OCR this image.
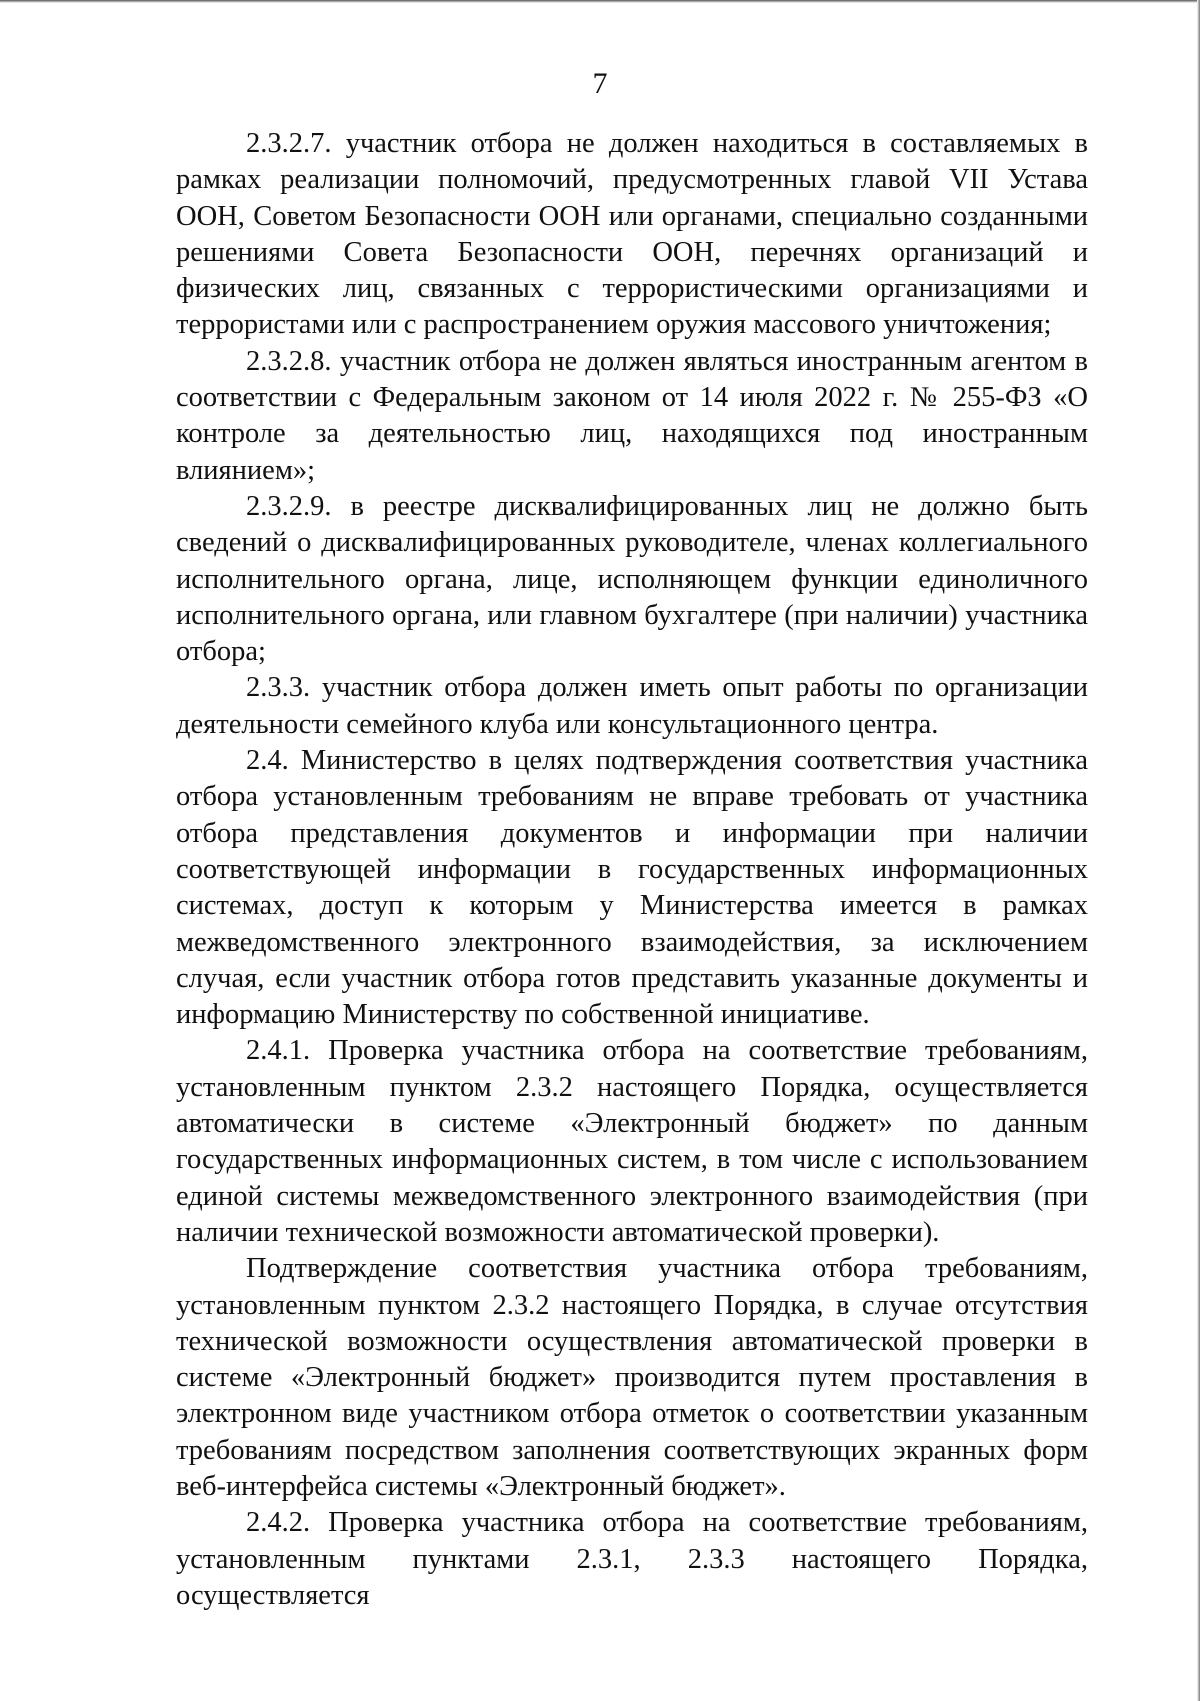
7

2.3.2.7. участник отбора не должен находиться в составляемых в рамках реализации полномочий, предусмотренных главой VII Устава ООН, Советом Безопасности ООН или органами, специально созданными решениями Совета Безопасности ООН, перечнях организаций и физических лиц, связанных с террористическими организациями и террористами или с распространением оружия массового уничтожения;

2.3.2.8. участник отбора не должен являться иностранным агентом в соответствии с Федеральным законом от 14 июля 2022 г. № 255-ФЗ «О контроле за деятельностью лиц, находящихся под иностранным влиянием»;

2.3.2.9. в реестре дисквалифицированных лиц не должно быть сведений о дисквалифицированных руководителе, членах коллегиального исполнительного органа, лице, исполняющем функции единоличного исполнительного органа, или главном бухгалтере (при наличии) участника отбора;

2.3.3. участник отбора должен иметь опыт работы по организации деятельности семейного клуба или консультационного центра.

2.4. Министерство в целях подтверждения соответствия участника отбора установленным требованиям не вправе требовать от участника отбора представления документов и информации при наличии соответствующей информации в государственных информационных системах, доступ к которым у Министерства имеется в рамках межведомственного электронного взаимодействия, за исключением случая, если участник отбора готов представить указанные документы и информацию Министерству по собственной инициативе.

2.4.1. Проверка участника отбора на соответствие требованиям, установленным пунктом 2.3.2 настоящего Порядка, осуществляется автоматически в системе «Электронный бюджет» по данным государственных информационных систем, в том числе с использованием единой системы межведомственного электронного взаимодействия (при наличии технической возможности автоматической проверки).

Подтверждение соответствия участника отбора требованиям, установленным пунктом 2.3.2 настоящего Порядка, в случае отсутствия технической возможности осуществления автоматической проверки в системе «Электронный бюджет» производится путем проставления в электронном виде участником отбора отметок о соответствии указанным требованиям посредством заполнения соответствующих экранных форм веб-интерфейса системы «Электронный бюджет».

2.4.2. Проверка участника отбора на соответствие требованиям, установленным пунктами 2.3.1, 2.3.3 настоящего Порядка, осуществляется
